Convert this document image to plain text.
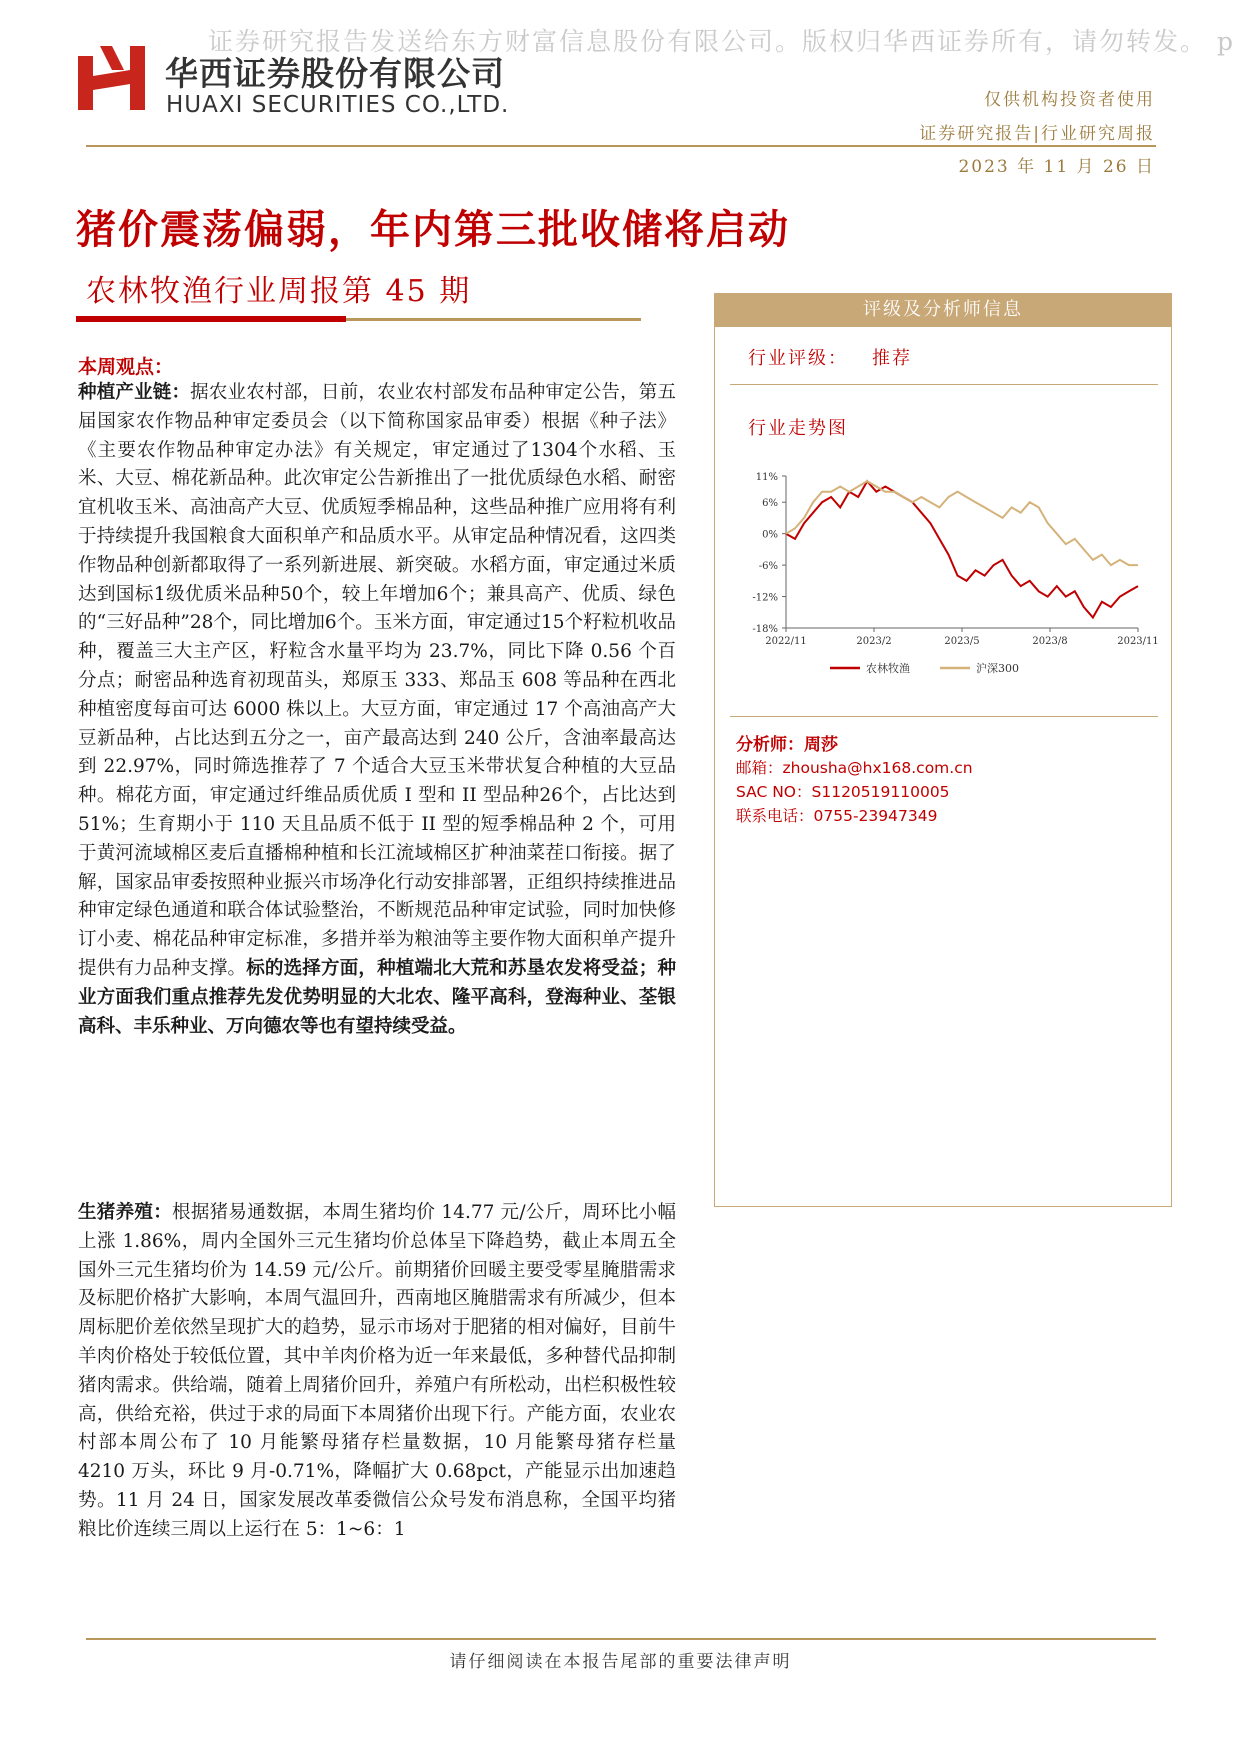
证券研究报告发送给东方财富信息股份有限公司。版权归华西证券所有，请勿转发。 p
华西证券股份有限公司
HUAXI SECURITIES CO.,LTD.	仅供机构投资者使用
证券研究报告|行业研究周报
2023 年 11 月 26 日
猪价震荡偏弱，年内第三批收储将启动
农林牧渔行业周报第 45 期
本周观点：

种植产业链：据农业农村部，日前，农业农村部发布品种审定公告，第五届国家农作物品种审定委员会（以下简称国家品审委）根据《种子法》《主要农作物品种审定办法》有关规定，审定通过了1304个水稻、玉米、大豆、棉花新品种。此次审定公告新推出了一批优质绿色水稻、耐密宜机收玉米、高油高产大豆、优质短季棉品种，这些品种推广应用将有利于持续提升我国粮食大面积单产和品质水平。从审定品种情况看，这四类作物品种创新都取得了一系列新进展、新突破。水稻方面，审定通过米质达到国标1级优质米品种50个，较上年增加6个；兼具高产、优质、绿色的“三好品种”28个，同比增加6个。玉米方面，审定通过15个籽粒机收品种，覆盖三大主产区，籽粒含水量平均为 23.7%，同比下降 0.56 个百分点；耐密品种选育初现苗头，郑原玉 333、郑品玉 608 等品种在西北种植密度每亩可达 6000 株以上。大豆方面，审定通过 17 个高油高产大豆新品种，占比达到五分之一，亩产最高达到 240 公斤，含油率最高达到 22.97%，同时筛选推荐了 7 个适合大豆玉米带状复合种植的大豆品种。棉花方面，审定通过纤维品质优质 I 型和 II 型品种26个，占比达到51%；生育期小于 110 天且品质不低于 II 型的短季棉品种 2 个，可用于黄河流域棉区麦后直播棉种植和长江流域棉区扩种油菜茬口衔接。据了解，国家品审委按照种业振兴市场净化行动安排部署，正组织持续推进品种审定绿色通道和联合体试验整治，不断规范品种审定试验，同时加快修订小麦、棉花品种审定标准，多措并举为粮油等主要作物大面积单产提升提供有力品种支撑。标的选择方面，种植端北大荒和苏垦农发将受益；种业方面我们重点推荐先发优势明显的大北农、隆平高科，登海种业、荃银高科、丰乐种业、万向德农等也有望持续受益。

生猪养殖：根据猪易通数据，本周生猪均价 14.77 元/公斤，周环比小幅上涨 1.86%，周内全国外三元生猪均价总体呈下降趋势，截止本周五全国外三元生猪均价为 14.59 元/公斤。前期猪价回暖主要受零星腌腊需求及标肥价格扩大影响，本周气温回升，西南地区腌腊需求有所减少，但本周标肥价差依然呈现扩大的趋势，显示市场对于肥猪的相对偏好，目前牛羊肉价格处于较低位置，其中羊肉价格为近一年来最低，多种替代品抑制猪肉需求。供给端，随着上周猪价回升，养殖户有所松动，出栏积极性较高，供给充裕，供过于求的局面下本周猪价出现下行。产能方面，农业农村部本周公布了 10 月能繁母猪存栏量数据，10 月能繁母猪存栏量 4210 万头，环比 9 月-0.71%，降幅扩大 0.68pct，产能显示出加速趋势。11 月 24 日，国家发展改革委微信公众号发布消息称，全国平均猪粮比价连续三周以上运行在 5：1~6：1

评级及分析师信息
行业评级： 推荐
行业走势图
11%
6%
0%
-6%
-12%
-18%
2022/11	2023/2	2023/5	2023/8	2023/11
农林牧渔	沪深300
分析师：周莎
邮箱：zhousha@hx168.com.cn
SAC NO：S1120519110005
联系电话：0755-23947349
请仔细阅读在本报告尾部的重要法律声明
